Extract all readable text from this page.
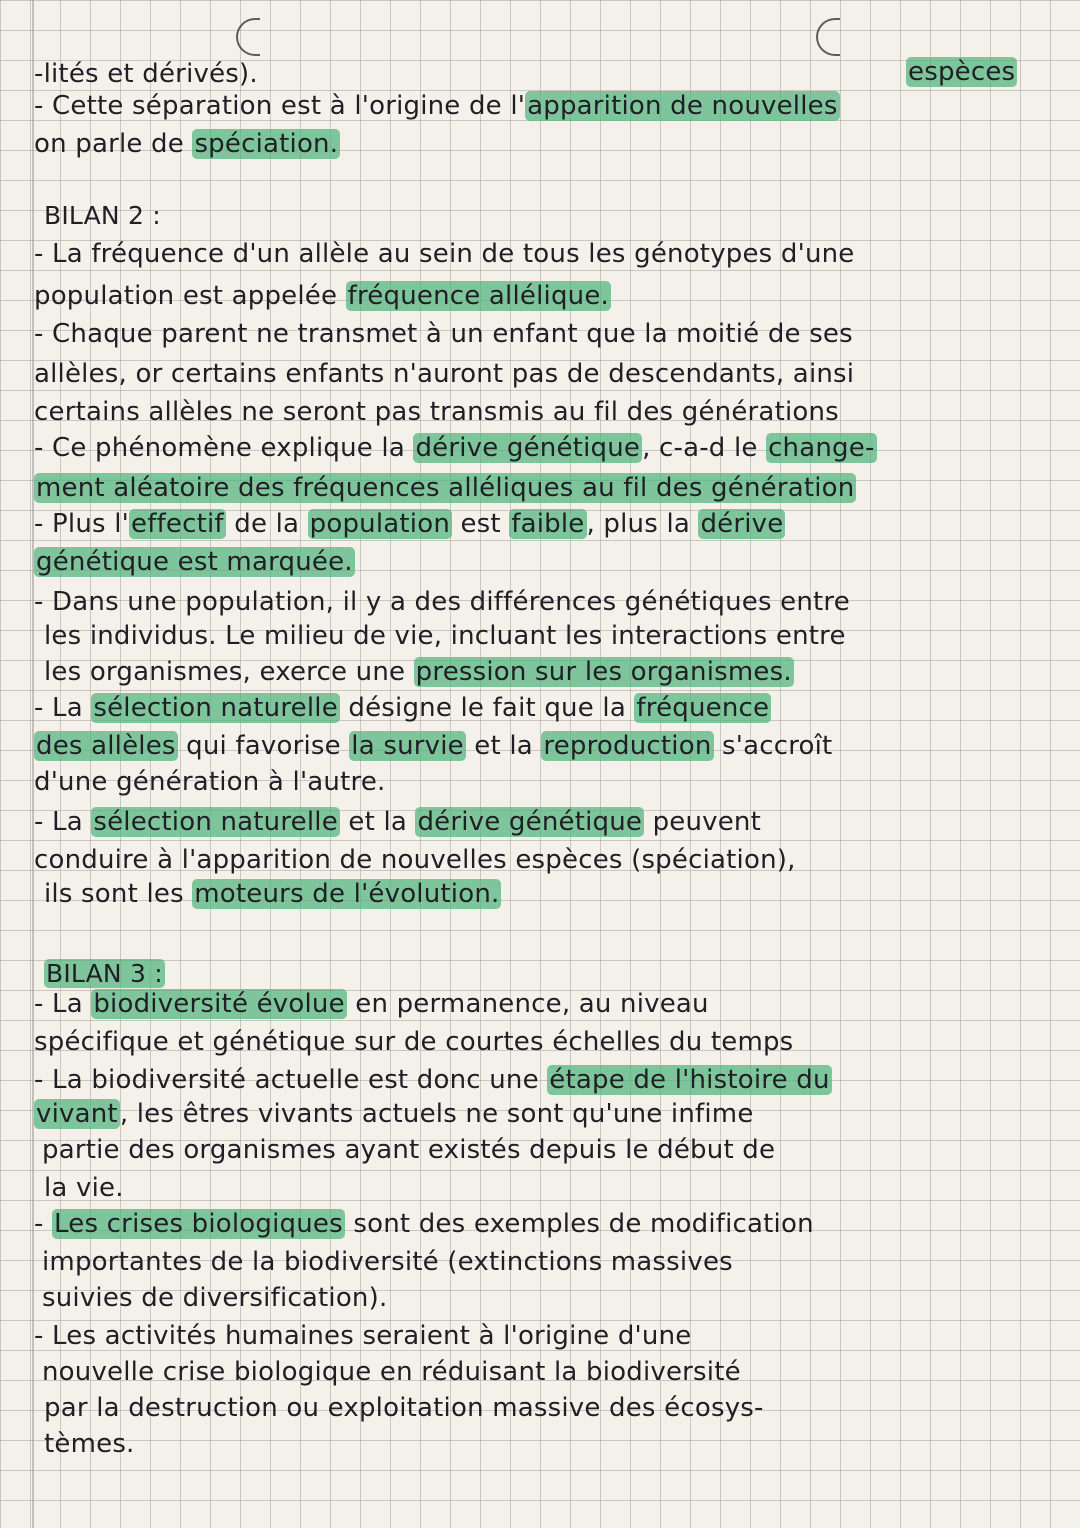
-lités et dérivés).	espèces
- Cette séparation est à l'origine de l'apparition de nouvelles
on parle de spéciation.
BILAN 2 :
- La fréquence d'un allèle au sein de tous les génotypes d'une
population est appelée fréquence allélique.
- Chaque parent ne transmet à un enfant que la moitié de ses
allèles, or certains enfants n'auront pas de descendants, ainsi
certains allèles ne seront pas transmis au fil des générations
- Ce phénomène explique la dérive génétique, c-a-d le change-
ment aléatoire des fréquences alléliques au fil des génération
- Plus l'effectif de la population est faible, plus la dérive
génétique est marquée.
- Dans une population, il y a des différences génétiques entre
les individus. Le milieu de vie, incluant les interactions entre
les organismes, exerce une pression sur les organismes.
- La sélection naturelle désigne le fait que la fréquence
des allèles qui favorise la survie et la reproduction s'accroît
d'une génération à l'autre.
- La sélection naturelle et la dérive génétique peuvent
conduire à l'apparition de nouvelles espèces (spéciation),
ils sont les moteurs de l'évolution.
BILAN 3 :
- La biodiversité évolue en permanence, au niveau
spécifique et génétique sur de courtes échelles du temps
- La biodiversité actuelle est donc une étape de l'histoire du
vivant, les êtres vivants actuels ne sont qu'une infime
partie des organismes ayant existés depuis le début de
la vie.
- Les crises biologiques sont des exemples de modification
importantes de la biodiversité (extinctions massives
suivies de diversification).
- Les activités humaines seraient à l'origine d'une
nouvelle crise biologique en réduisant la biodiversité
par la destruction ou exploitation massive des écosys-
tèmes.
